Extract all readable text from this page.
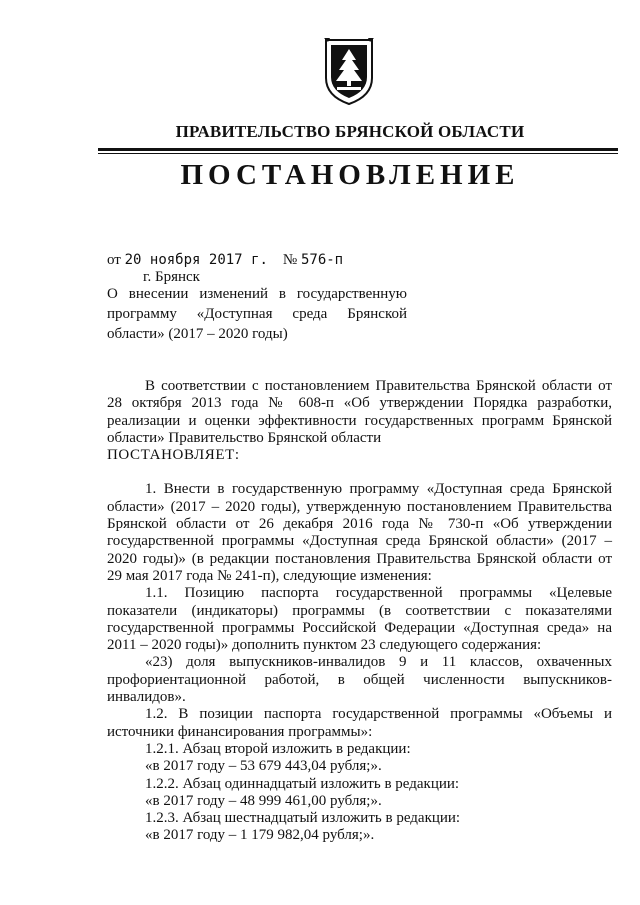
ПРАВИТЕЛЬСТВО БРЯНСКОЙ ОБЛАСТИ
ПОСТАНОВЛЕНИЕ
от 20 ноября 2017 г. № 576-п
г. Брянск

О внесении изменений в государственную

программу «Доступная среда Брянской

области» (2017 – 2020 годы)

В соответствии с постановлением Правительства Брянской области от 28 октября 2013 года № 608-п «Об утверждении Порядка разработки, реализации и оценки эффективности государственных программ Брянской области» Правительство Брянской области

ПОСТАНОВЛЯЕТ:

1. Внести в государственную программу «Доступная среда Брянской области» (2017 – 2020 годы), утвержденную постановлением Правительства Брянской области от 26 декабря 2016 года № 730-п «Об утверждении государственной программы «Доступная среда Брянской области» (2017 – 2020 годы)» (в редакции постановления Правительства Брянской области от 29 мая 2017 года № 241-п), следующие изменения:

1.1. Позицию паспорта государственной программы «Целевые показатели (индикаторы) программы (в соответствии с показателями государственной программы Российской Федерации «Доступная среда» на 2011 – 2020 годы)» дополнить пунктом 23 следующего содержания:

«23) доля выпускников-инвалидов 9 и 11 классов, охваченных профориентационной работой, в общей численности выпускников-инвалидов».

1.2. В позиции паспорта государственной программы «Объемы и источники финансирования программы»:

1.2.1. Абзац второй изложить в редакции:

«в 2017 году – 53 679 443,04 рубля;».

1.2.2. Абзац одиннадцатый изложить в редакции:

«в 2017 году – 48 999 461,00 рубля;».

1.2.3. Абзац шестнадцатый изложить в редакции:

«в 2017 году – 1 179 982,04 рубля;».
